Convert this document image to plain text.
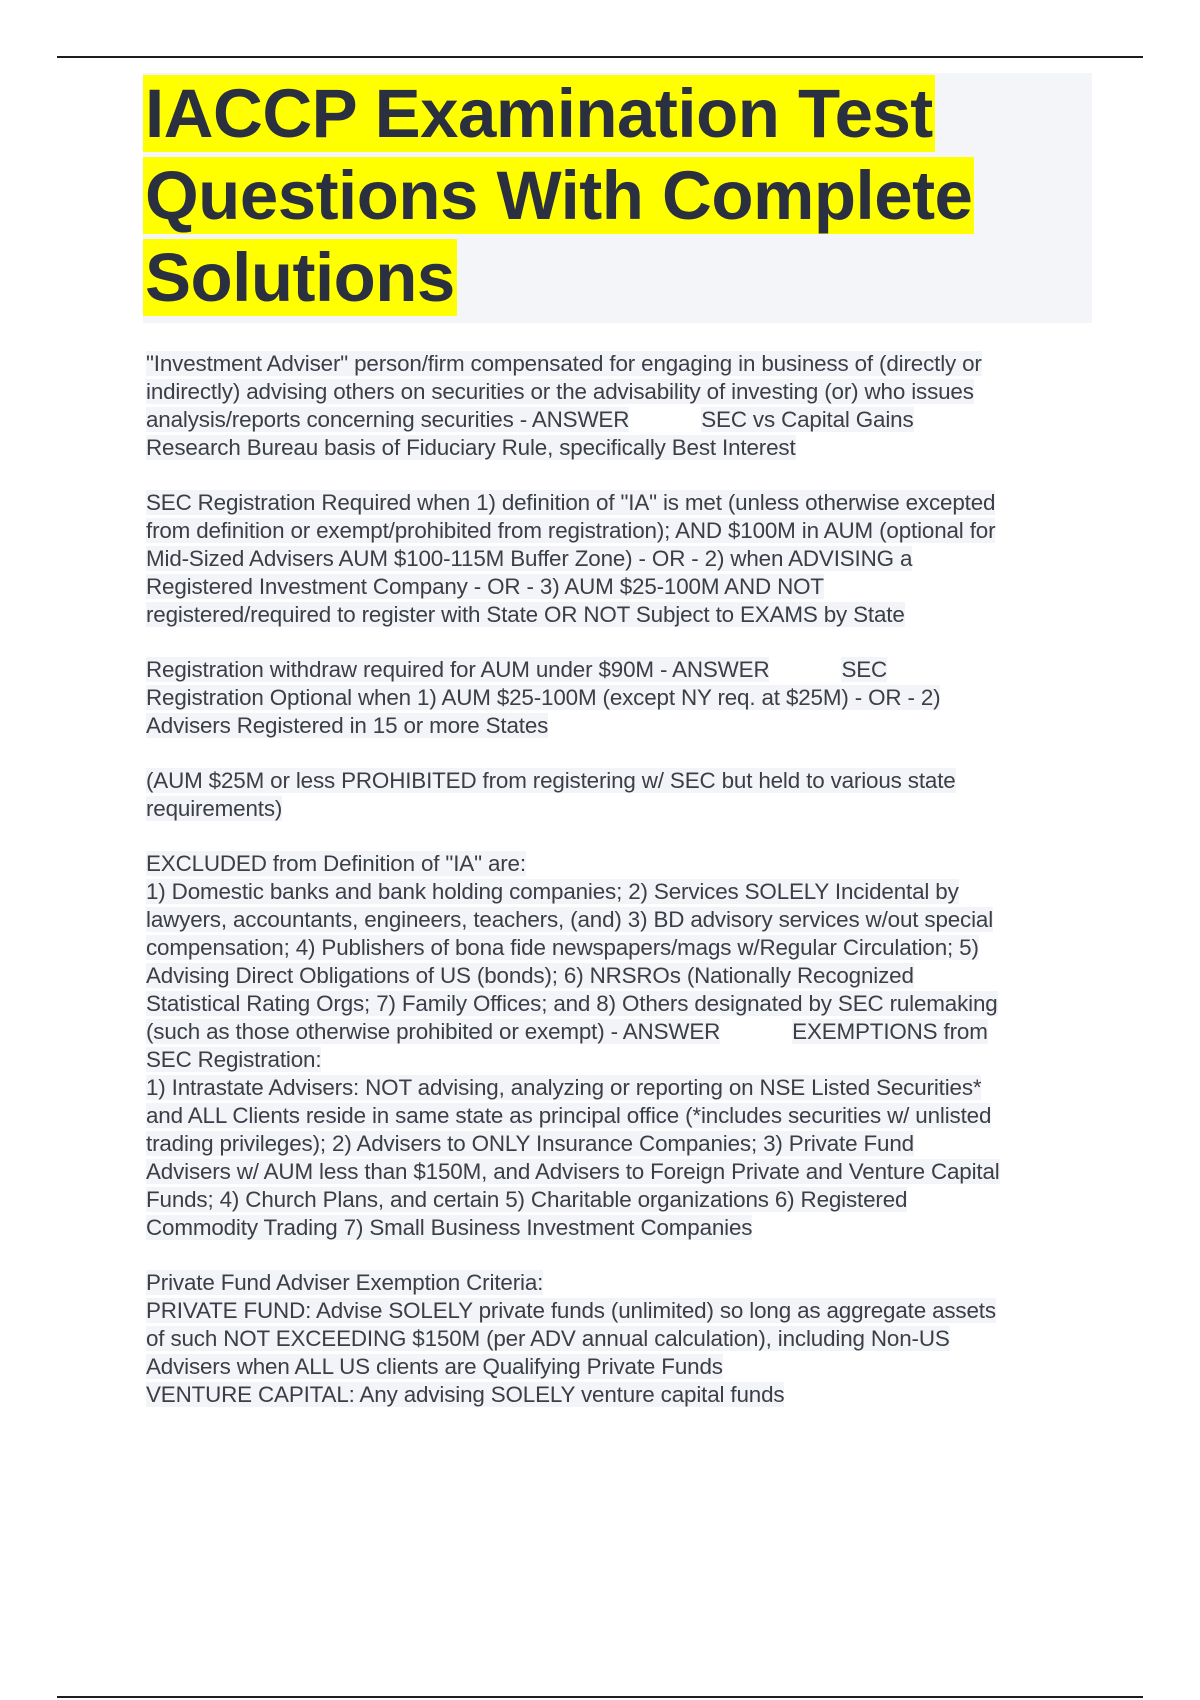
IACCP Examination Test
Questions With Complete
Solutions

"Investment Adviser" person/firm compensated for engaging in business of (directly or
indirectly) advising others on securities or the advisability of investing (or) who issues
analysis/reports concerning securities - ANSWER	SEC vs Capital Gains
Research Bureau basis of Fiduciary Rule, specifically Best Interest

SEC Registration Required when 1) definition of "IA" is met (unless otherwise excepted
from definition or exempt/prohibited from registration); AND $100M in AUM (optional for
Mid-Sized Advisers AUM $100-115M Buffer Zone) - OR - 2) when ADVISING a
Registered Investment Company - OR - 3) AUM $25-100M AND NOT
registered/required to register with State OR NOT Subject to EXAMS by State

Registration withdraw required for AUM under $90M - ANSWER	SEC
Registration Optional when 1) AUM $25-100M (except NY req. at $25M) - OR - 2)
Advisers Registered in 15 or more States

(AUM $25M or less PROHIBITED from registering w/ SEC but held to various state
requirements)

EXCLUDED from Definition of "IA" are:
1) Domestic banks and bank holding companies; 2) Services SOLELY Incidental by
lawyers, accountants, engineers, teachers, (and) 3) BD advisory services w/out special
compensation; 4) Publishers of bona fide newspapers/mags w/Regular Circulation; 5)
Advising Direct Obligations of US (bonds); 6) NRSROs (Nationally Recognized
Statistical Rating Orgs; 7) Family Offices; and 8) Others designated by SEC rulemaking
(such as those otherwise prohibited or exempt) - ANSWER	EXEMPTIONS from
SEC Registration:
1) Intrastate Advisers: NOT advising, analyzing or reporting on NSE Listed Securities*
and ALL Clients reside in same state as principal office (*includes securities w/ unlisted
trading privileges); 2) Advisers to ONLY Insurance Companies; 3) Private Fund
Advisers w/ AUM less than $150M, and Advisers to Foreign Private and Venture Capital
Funds; 4) Church Plans, and certain 5) Charitable organizations 6) Registered
Commodity Trading 7) Small Business Investment Companies

Private Fund Adviser Exemption Criteria:
PRIVATE FUND: Advise SOLELY private funds (unlimited) so long as aggregate assets
of such NOT EXCEEDING $150M (per ADV annual calculation), including Non-US
Advisers when ALL US clients are Qualifying Private Funds
VENTURE CAPITAL: Any advising SOLELY venture capital funds
